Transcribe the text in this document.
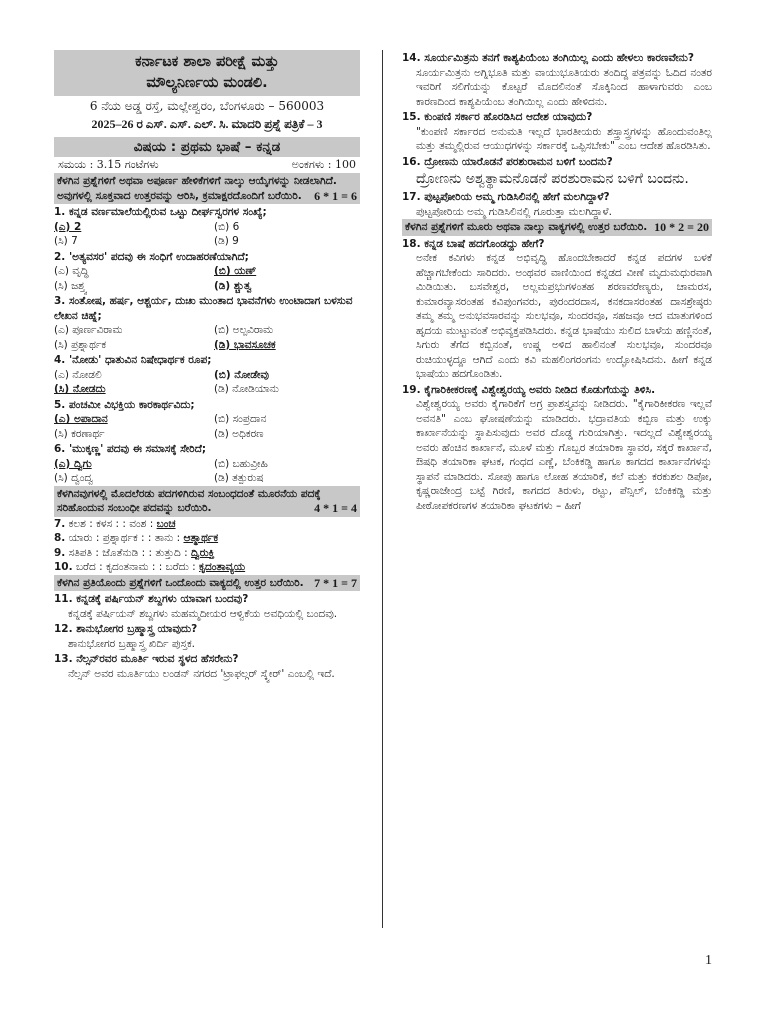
ಕರ್ನಾಟಕ ಶಾಲಾ ಪರೀಕ್ಷೆ ಮತ್ತು
ಮೌಲ್ಯನಿರ್ಣಯ ಮಂಡಲಿ.
6 ನೆಯ ಅಡ್ಡ ರಸ್ತೆ, ಮಲ್ಲೇಶ್ವರಂ, ಬೆಂಗಳೂರು – 560003
2025–26 ರ ಎಸ್. ಎಸ್. ಎಲ್. ಸಿ. ಮಾದರಿ ಪ್ರಶ್ನೆ ಪತ್ರಿಕೆ – 3
ವಿಷಯ : ಪ್ರಥಮ ಭಾಷೆ – ಕನ್ನಡ
ಸಮಯ : 3.15 ಗಂಟೆಗಳು	ಅಂಕಗಳು : 100
ಕೆಳಗಿನ ಪ್ರಶ್ನೆಗಳಿಗೆ ಅಥವಾ ಅಪೂರ್ಣ ಹೇಳಿಕೆಗಳಿಗೆ ನಾಲ್ಕು ಆಯ್ಕೆಗಳನ್ನು ನೀಡಲಾಗಿದೆ. ಅವುಗಳಲ್ಲಿ ಸೂಕ್ತವಾದ ಉತ್ತರವನ್ನು ಆರಿಸಿ, ಕ್ರಮಾಕ್ಷರದೊಂದಿಗೆ ಬರೆಯಿರಿ. 6 * 1 = 6
1. ಕನ್ನಡ ವರ್ಣಮಾಲೆಯಲ್ಲಿರುವ ಒಟ್ಟು ದೀರ್ಘಸ್ವರಗಳ ಸಂಖ್ಯೆ;
(ಎ) 2	(ಬಿ) 6
(ಸಿ) 7	(ಡಿ) 9
2. 'ಅತ್ಯವಸರ' ಪದವು ಈ ಸಂಧಿಗೆ ಉದಾಹರಣೆಯಾಗಿದೆ;
(ಎ) ವೃದ್ಧಿ	(ಬಿ) ಯಣ್
(ಸಿ) ಜಶ್ತ್ವ	(ಡಿ) ಶ್ಚುತ್ವ
3. ಸಂತೋಷ, ಹರ್ಷ, ಆಶ್ಚರ್ಯ, ದುಃಖ ಮುಂತಾದ ಭಾವನೆಗಳು ಉಂಟಾದಾಗ ಬಳಸುವ ಲೇಖನ ಚಿಹ್ನೆ;
(ಎ) ಪೂರ್ಣವಿರಾಮ	(ಬಿ) ಅಲ್ಪವಿರಾಮ
(ಸಿ) ಪ್ರಶ್ನಾರ್ಥಕ	(ಡಿ) ಭಾವಸೂಚಕ
4. 'ನೋಡು' ಧಾತುವಿನ ನಿಷೇಧಾರ್ಥಕ ರೂಪ;
(ಎ) ನೋಡಲಿ	(ಬಿ) ನೋಡೇವು
(ಸಿ) ನೋಡದು	(ಡಿ) ನೋಡಿಯಾನು
5. ಪಂಚಮೀ ವಿಭಕ್ತಿಯ ಕಾರಕಾರ್ಥವಿದು;
(ಎ) ಅಪಾದಾನ	(ಬಿ) ಸಂಪ್ರದಾನ
(ಸಿ) ಕರಣಾರ್ಥ	(ಡಿ) ಅಧಿಕರಣ
6. 'ಮುಕ್ಕಣ್ಣ' ಪದವು ಈ ಸಮಾಸಕ್ಕೆ ಸೇರಿದೆ;
(ಎ) ದ್ವಿಗು	(ಬಿ) ಬಹುವ್ರೀಹಿ
(ಸಿ) ದ್ವಂದ್ವ	(ಡಿ) ತತ್ಪುರುಷ
ಕೆಳಗಿನವುಗಳಲ್ಲಿ ಮೊದಲೆರಡು ಪದಗಳಿಗಿರುವ ಸಂಬಂಧದಂತೆ ಮೂರನೆಯ ಪದಕ್ಕೆ ಸರಿಹೊಂದುವ ಸಂಬಂಧೀ ಪದವನ್ನು ಬರೆಯಿರಿ.	4 * 1 = 4
7. ಕಲಶ : ಕಳಸ : : ವಂಶ : ಬಂಚ
8. ಯಾರು : ಪ್ರಶ್ನಾರ್ಥಕ : : ತಾನು : ಆತ್ಮಾರ್ಥಕ
9. ಸತಿಪತಿ : ಜೊತೆನುಡಿ : : ತುತ್ತುದಿ : ದ್ವಿರುಕ್ತಿ
10. ಬರೆದ : ಕೃದಂತನಾಮ : : ಬರೆದು : ಕೃದಂತಾವ್ಯಯ
ಕೆಳಗಿನ ಪ್ರತಿಯೊಂದು ಪ್ರಶ್ನೆಗಳಿಗೆ ಒಂದೊಂದು ವಾಕ್ಯದಲ್ಲಿ ಉತ್ತರ ಬರೆಯಿರಿ. 7 * 1 = 7
11. ಕನ್ನಡಕ್ಕೆ ಪರ್ಷಿಯನ್ ಶಬ್ದಗಳು ಯಾವಾಗ ಬಂದವು?
ಕನ್ನಡಕ್ಕೆ ಪರ್ಷಿಯನ್ ಶಬ್ದಗಳು ಮಹಮ್ಮದೀಯರ ಆಳ್ವಿಕೆಯ ಅವಧಿಯಲ್ಲಿ ಬಂದವು.
12. ಶಾನುಭೋಗರ ಬ್ರಹ್ಮಾಸ್ತ್ರ ಯಾವುದು?
ಶಾನುಭೋಗರ ಬ್ರಹ್ಮಾಸ್ತ್ರ ಖಿರ್ದಿ ಪುಸ್ತಕ.
13. ನೆಲ್ಸನ್‌ರವರ ಮೂರ್ತಿ ಇರುವ ಸ್ಥಳದ ಹೆಸರೇನು?
ನೆಲ್ಸನ್ ಅವರ ಮೂರ್ತಿಯು ಲಂಡನ್ ನಗರದ 'ಟ್ರಾಫಲ್ಗರ್ ಸ್ಕ್ವೇರ್' ಎಂಬಲ್ಲಿ ಇದೆ.
14. ಸೂರ್ಯಮಿತ್ರನು ತನಗೆ ಕಾಶ್ಯಪಿಯೆಂಬ ತಂಗಿಯಿಲ್ಲ ಎಂದು ಹೇಳಲು ಕಾರಣವೇನು?
ಸೂರ್ಯಮಿತ್ರನು ಅಗ್ನಿಭೂತಿ ಮತ್ತು ವಾಯುಭೂತಿಯರು ತಂದಿದ್ದ ಪತ್ರವನ್ನು ಓದಿದ ನಂತರ ಇವರಿಗೆ ಸಲಿಗೆಯನ್ನು ಕೊಟ್ಟರೆ ಮೊದಲಿನಂತೆ ಸೊಕ್ಕಿನಿಂದ ಹಾಳಾಗುವರು ಎಂಬ ಕಾರಣದಿಂದ ಕಾಶ್ಯಪಿಯೆಂಬ ತಂಗಿಯಿಲ್ಲ ಎಂದು ಹೇಳಿದನು.
15. ಕುಂಪಣಿ ಸರ್ಕಾರ ಹೊರಡಿಸಿದ ಆದೇಶ ಯಾವುದು?
"ಕುಂಪಣಿ ಸರ್ಕಾರದ ಅನುಮತಿ ಇಲ್ಲದೆ ಭಾರತೀಯರು ಶಸ್ತ್ರಾಸ್ತ್ರಗಳನ್ನು ಹೊಂದುವಂತಿಲ್ಲ ಮತ್ತು ತಮ್ಮಲ್ಲಿರುವ ಆಯುಧಗಳನ್ನು ಸರ್ಕಾರಕ್ಕೆ ಒಪ್ಪಿಸಬೇಕು" ಎಂಬ ಆದೇಶ ಹೊರಡಿಸಿತು.
16. ದ್ರೋಣನು ಯಾರೊಡನೆ ಪರಶುರಾಮನ ಬಳಿಗೆ ಬಂದನು?
ದ್ರೋಣನು ಅಶ್ವತ್ಥಾಮನೊಡನೆ ಪರಶುರಾಮನ ಬಳಿಗೆ ಬಂದನು.
17. ಪುಟ್ಟಪೋರಿಯ ಅಮ್ಮ ಗುಡಿಸಿಲಿನಲ್ಲಿ ಹೇಗೆ ಮಲಗಿದ್ದಾಳೆ?
ಪುಟ್ಟಪೋರಿಯ ಅಮ್ಮ ಗುಡಿಸಿಲಿನಲ್ಲಿ ಗೂರುತ್ತಾ ಮಲಗಿದ್ದಾಳೆ.
ಕೆಳಗಿನ ಪ್ರಶ್ನೆಗಳಿಗೆ ಮೂರು ಅಥವಾ ನಾಲ್ಕು ವಾಕ್ಯಗಳಲ್ಲಿ ಉತ್ತರ ಬರೆಯಿರಿ. 10 * 2 = 20
18. ಕನ್ನಡ ಬಾಷೆ ಹದಗೊಂಡದ್ದು ಹೇಗೆ?
ಅನೇಕ ಕವಿಗಳು ಕನ್ನಡ ಅಭಿವೃದ್ಧಿ ಹೊಂದಬೇಕಾದರೆ ಕನ್ನಡ ಪದಗಳ ಬಳಕೆ ಹೆಚ್ಚಾಗಬೇಕೆಂದು ಸಾರಿದರು. ಅಂಥವರ ವಾಣಿಯಿಂದ ಕನ್ನಡದ ವೀಣೆ ಮೃದುಮಧುರವಾಗಿ ಮಿಡಿಯಿತು. ಬಸವೇಶ್ವರ, ಅಲ್ಲಮಪ್ರಭುಗಳಂತಹ ಶರಣವರೇಣ್ಯರು, ಚಾಮರಸ, ಕುಮಾರವ್ಯಾಸರಂತಹ ಕವಿಪುಂಗವರು, ಪುರಂದರದಾಸ, ಕನಕದಾಸರಂತಹ ದಾಸಶ್ರೇಷ್ಠರು ತಮ್ಮ ತಮ್ಮ ಅನುಭವಸಾರವನ್ನು ಸುಲಭವೂ, ಸುಂದರವೂ, ಸಹಜವೂ ಆದ ಮಾತುಗಳಿಂದ ಹೃದಯ ಮುಟ್ಟುವಂತೆ ಅಭಿವ್ಯಕ್ತಪಡಿಸಿದರು. ಕನ್ನಡ ಭಾಷೆಯು ಸುಲಿದ ಬಾಳೆಯ ಹಣ್ಣಿನಂತೆ, ಸಿಗುರು ತೆಗೆದ ಕಬ್ಬಿನಂತೆ, ಉಷ್ಣ ಅಳಿದ ಹಾಲಿನಂತೆ ಸುಲಭವೂ, ಸುಂದರವೂ ರುಚಿಯುಳ್ಳದ್ದೂ ಆಗಿದೆ ಎಂದು ಕವಿ ಮಹಲಿಂಗರಂಗನು ಉದ್ಘೋಷಿಸಿದನು. ಹೀಗೆ ಕನ್ನಡ ಭಾಷೆಯು ಹದಗೊಂಡಿತು.
19. ಕೈಗಾರಿಕೀಕರಣಕ್ಕೆ ವಿಶ್ವೇಶ್ವರಯ್ಯ ಅವರು ನೀಡಿದ ಕೊಡುಗೆಯನ್ನು ತಿಳಿಸಿ.
ವಿಶ್ವೇಶ್ವರಯ್ಯ ಅವರು ಕೈಗಾರಿಕೆಗೆ ಅಗ್ರ ಪ್ರಾಶಸ್ತ್ಯವನ್ನು ನೀಡಿದರು. "ಕೈಗಾರಿಕೀಕರಣ ಇಲ್ಲವೆ ಅವನತಿ" ಎಂಬ ಘೋಷಣೆಯನ್ನು ಮಾಡಿದರು. ಭದ್ರಾವತಿಯ ಕಬ್ಬಿಣ ಮತ್ತು ಉಕ್ಕು ಕಾರ್ಖಾನೆಯನ್ನು ಸ್ಥಾಪಿಸುವುದು ಅವರ ದೊಡ್ಡ ಗುರಿಯಾಗಿತ್ತು. ಇದಲ್ಲದೆ ವಿಶ್ವೇಶ್ವರಯ್ಯ ಅವರು ಹೆಂಚಿನ ಕಾರ್ಖಾನೆ, ಮೂಳೆ ಮತ್ತು ಗೊಬ್ಬರ ತಯಾರಿಕಾ ಸ್ಥಾವರ, ಸಕ್ಕರೆ ಕಾರ್ಖಾನೆ, ಔಷಧಿ ತಯಾರಿಕಾ ಘಟಕ, ಗಂಧದ ಎಣ್ಣೆ, ಬೆಂಕಿಕಡ್ಡಿ ಹಾಗೂ ಕಾಗದದ ಕಾರ್ಖಾನೆಗಳನ್ನು ಸ್ಥಾಪನೆ ಮಾಡಿದರು. ಸೋಪು ಹಾಗೂ ಲೋಹ ತಯಾರಿಕೆ, ಕಲೆ ಮತ್ತು ಕರಕುಶಲ ಡಿಪೋ, ಕೃಷ್ಣರಾಜೇಂದ್ರ ಬಟ್ಟೆ ಗಿರಣಿ, ಕಾಗದದ ತಿರುಳು, ರಟ್ಟು, ಪೆನ್ಸಿಲ್, ಬೆಂಕಿಕಡ್ಡಿ ಮತ್ತು ಪೀಠೋಪಕರಣಗಳ ತಯಾರಿಕಾ ಘಟಕಗಳು – ಹೀಗೆ
1
